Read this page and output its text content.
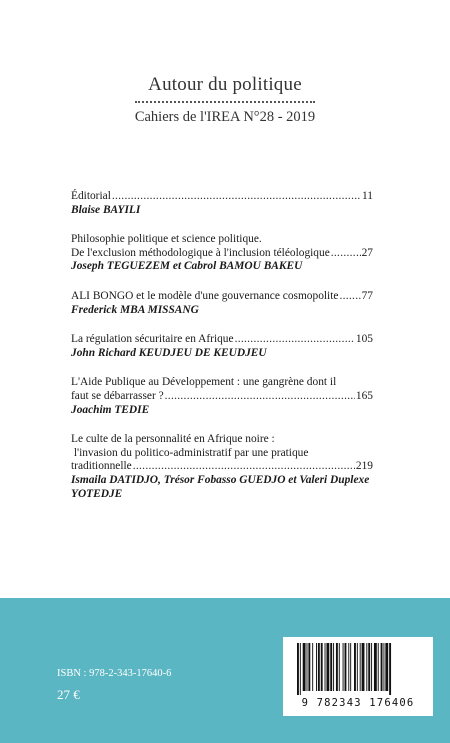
Autour du politique
Cahiers de l'IREA N°28 - 2019
Éditorial .....	11
Blaise BAYILI
Philosophie politique et science politique.
De l'exclusion méthodologique à l'inclusion téléologique .....	27
Joseph TEGUEZEM et Cabrol BAMOU BAKEU
ALI BONGO et le modèle d'une gouvernance cosmopolite ..... 77
Frederick MBA MISSANG
La régulation sécuritaire en Afrique .....	105
John Richard KEUDJEU DE KEUDJEU
L'Aide Publique au Développement : une gangrène dont il
faut se débarrasser ? .....	165
Joachim TEDIE
Le culte de la personnalité en Afrique noire :
l'invasion du politico-administratif par une pratique
traditionnelle .....	219
Ismaila DATIDJO, Trésor Fobasso GUEDJO et Valeri Duplexe YOTEDJE
ISBN : 978-2-343-17640-6
27 €
9 782343 176406
